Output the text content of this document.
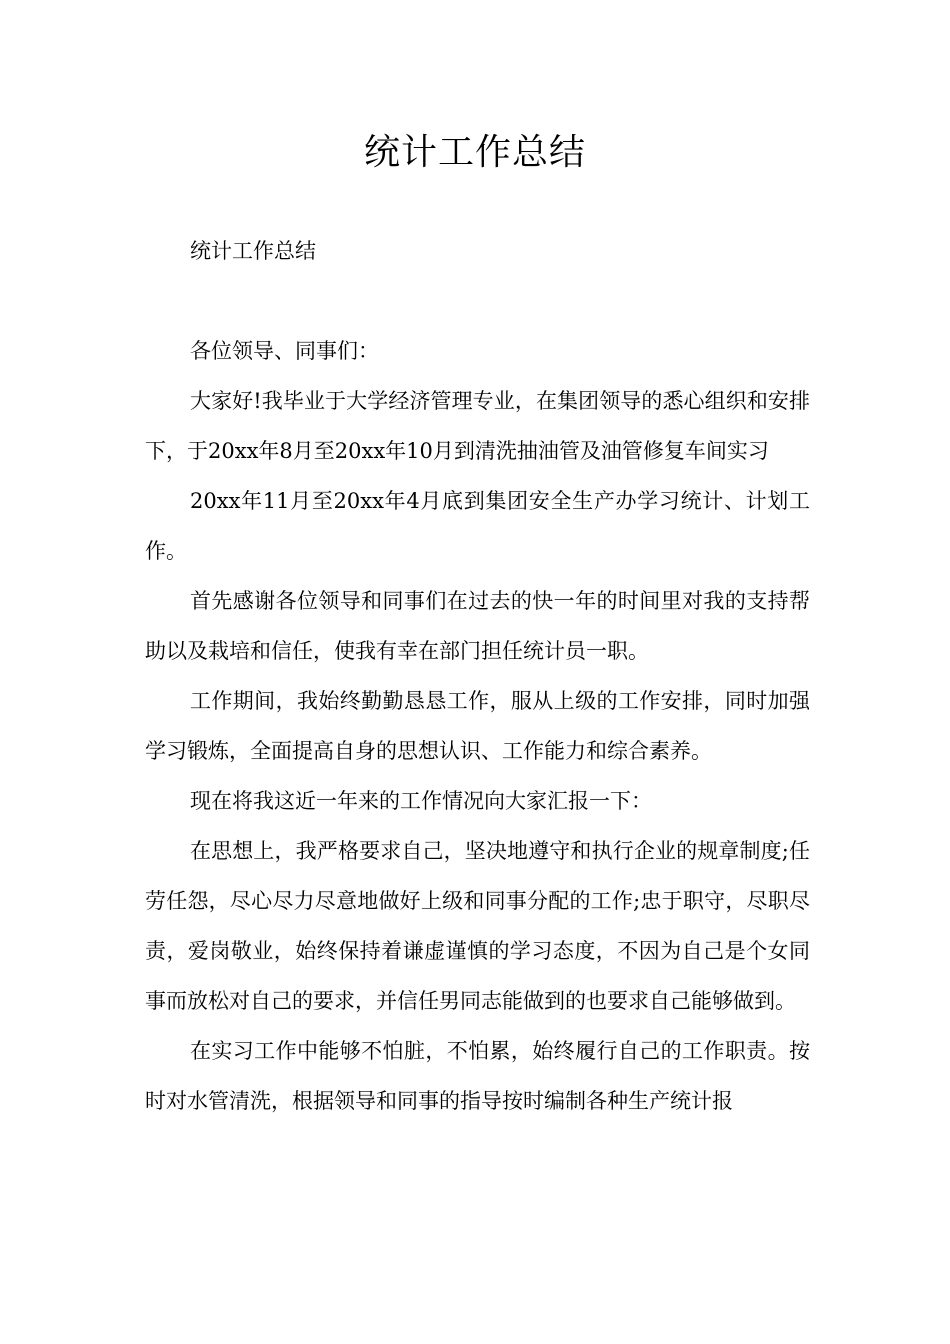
统计工作总结

统计工作总结

各位领导、同事们：

大家好!我毕业于大学经济管理专业，在集团领导的悉心组织和安排下，于20xx年8月至20xx年10月到清洗抽油管及油管修复车间实习

20xx年11月至20xx年4月底到集团安全生产办学习统计、计划工作。

首先感谢各位领导和同事们在过去的快一年的时间里对我的支持帮助以及栽培和信任，使我有幸在部门担任统计员一职。

工作期间，我始终勤勤恳恳工作，服从上级的工作安排，同时加强学习锻炼，全面提高自身的思想认识、工作能力和综合素养。

现在将我这近一年来的工作情况向大家汇报一下：

在思想上，我严格要求自己，坚决地遵守和执行企业的规章制度;任劳任怨，尽心尽力尽意地做好上级和同事分配的工作;忠于职守，尽职尽责，爱岗敬业，始终保持着谦虚谨慎的学习态度，不因为自己是个女同事而放松对自己的要求，并信任男同志能做到的也要求自己能够做到。

在实习工作中能够不怕脏，不怕累，始终履行自己的工作职责。按时对水管清洗，根据领导和同事的指导按时编制各种生产统计报
